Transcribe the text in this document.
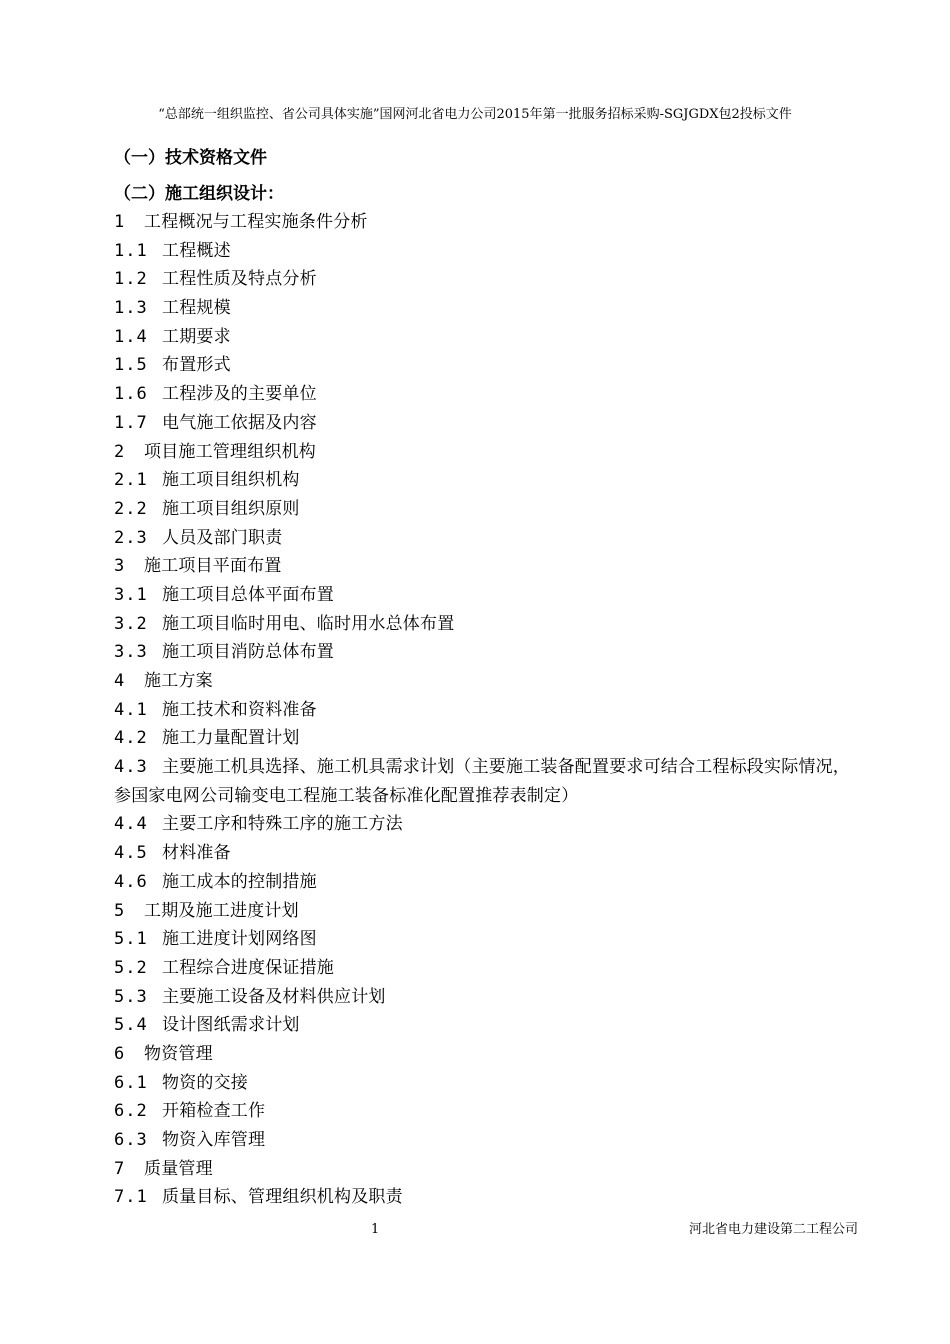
“总部统一组织监控、省公司具体实施”国网河北省电力公司2015年第一批服务招标采购-SGJGDX包2投标文件
（一）技术资格文件
（二）施工组织设计：
1 工程概况与工程实施条件分析
1.1 工程概述
1.2 工程性质及特点分析
1.3 工程规模
1.4 工期要求
1.5 布置形式
1.6 工程涉及的主要单位
1.7 电气施工依据及内容
2 项目施工管理组织机构
2.1 施工项目组织机构
2.2 施工项目组织原则
2.3 人员及部门职责
3 施工项目平面布置
3.1 施工项目总体平面布置
3.2 施工项目临时用电、临时用水总体布置
3.3 施工项目消防总体布置
4 施工方案
4.1 施工技术和资料准备
4.2 施工力量配置计划
4.3 主要施工机具选择、施工机具需求计划（主要施工装备配置要求可结合工程标段实际情况，参国家电网公司输变电工程施工装备标准化配置推荐表制定）
4.4 主要工序和特殊工序的施工方法
4.5 材料准备
4.6 施工成本的控制措施
5 工期及施工进度计划
5.1 施工进度计划网络图
5.2 工程综合进度保证措施
5.3 主要施工设备及材料供应计划
5.4 设计图纸需求计划
6 物资管理
6.1 物资的交接
6.2 开箱检查工作
6.3 物资入库管理
7 质量管理
7.1 质量目标、管理组织机构及职责
1	河北省电力建设第二工程公司
